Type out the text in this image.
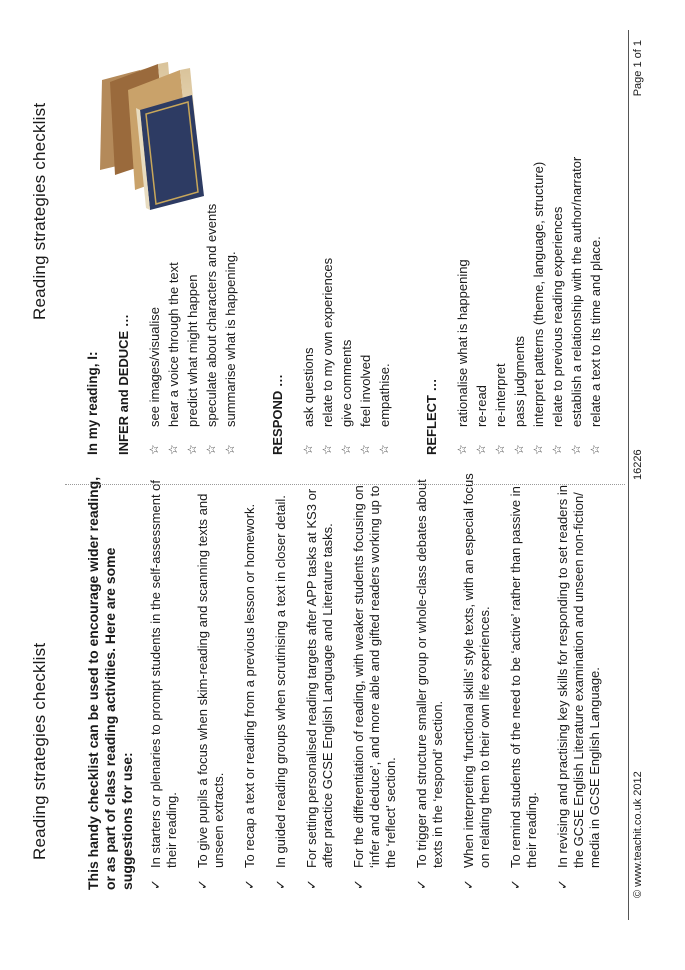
Reading strategies checklist
Reading strategies checklist
This handy checklist can be used to encourage wider reading, or as part of class reading activities. Here are some suggestions for use: ✓
In starters or plenaries to prompt students in the self-assessment of their reading.
✓
To give pupils a focus when skim-reading and scanning texts and unseen extracts.
✓
To recap a text or reading from a previous lesson or homework.
✓
In guided reading groups when scrutinising a text in closer detail.
✓
For setting personalised reading targets after APP tasks at KS3 or after practice GCSE English Language and Literature tasks.
✓
For the differentiation of reading, with weaker students focusing on ‘infer and deduce’, and more able and gifted readers working up to the ‘reflect’ section.
✓
To trigger and structure smaller group or whole-class debates about texts in the ‘respond’ section.
✓
When interpreting ‘functional skills’ style texts, with an especial focus on relating them to their own life experiences.
✓
To remind students of the need to be ‘active’ rather than passive in their reading.
✓
In revising and practising key skills for responding to set readers in the GCSE English Literature examination and unseen non-fiction/ media in GCSE English Language.
In my reading, I: INFER and DEDUCE … ☆
see images/visualise
☆
hear a voice through the text
☆
predict what might happen
☆
speculate about characters and events
☆
summarise what is happening. RESPOND … ☆
ask questions
☆
relate to my own experiences
☆
give comments
☆
feel involved
☆
empathise. REFLECT … ☆
rationalise what is happening
☆
re-read
☆
re-interpret
☆
pass judgments
☆
interpret patterns (theme, language, structure)
☆
relate to previous reading experiences
☆
establish a relationship with the author/narrator
☆
relate a text to its time and place.
© www.teachit.co.uk 2012
16226
Page 1 of 1
